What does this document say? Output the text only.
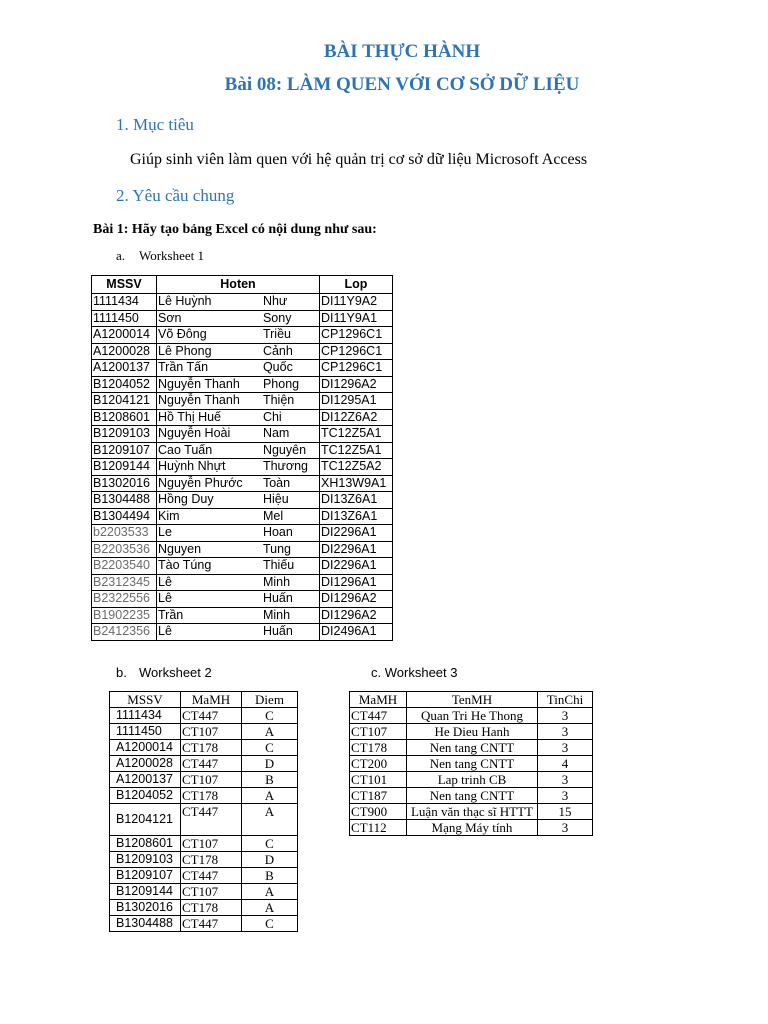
BÀI THỰC HÀNH
Bài 08: LÀM QUEN VỚI CƠ SỞ DỮ LIỆU

1. Mục tiêu

Giúp sinh viên làm quen với hệ quản trị cơ sở dữ liệu Microsoft Access

2. Yêu cầu chung

Bài 1: Hãy tạo bảng Excel có nội dung như sau:

a. Worksheet 1

MSSV	Hoten		Lop
1111434	Lê Huỳnh	Như	DI11Y9A2
1111450	Sơn	Sony	DI11Y9A1
A1200014	Võ Đông	Triều	CP1296C1
A1200028	Lê Phong	Cảnh	CP1296C1
A1200137	Trần Tấn	Quốc	CP1296C1
B1204052	Nguyễn Thanh	Phong	DI1296A2
B1204121	Nguyễn Thanh	Thiện	DI1295A1
B1208601	Hồ Thị Huế	Chi	DI12Z6A2
B1209103	Nguyễn Hoài	Nam	TC12Z5A1
B1209107	Cao Tuấn	Nguyên	TC12Z5A1
B1209144	Huỳnh Nhựt	Thương	TC12Z5A2
B1302016	Nguyễn Phước	Toàn	XH13W9A1
B1304488	Hồng Duy	Hiệu	DI13Z6A1
B1304494	Kim	Mel	DI13Z6A1
b2203533	Le	Hoan	DI2296A1
B2203536	Nguyen	Tung	DI2296A1
B2203540	Tào Túng	Thiếu	DI2296A1
B2312345	Lê	Minh	DI1296A1
B2322556	Lê	Huấn	DI1296A2
B1902235	Trần	Minh	DI1296A2
B2412356	Lê	Huấn	DI2496A1

b. Worksheet 2

MSSV	MaMH	Diem
1111434	CT447	C
1111450	CT107	A
A1200014	CT178	C
A1200028	CT447	D
A1200137	CT107	B
B1204052	CT178	A
B1204121	CT447	A
B1208601	CT107	C
B1209103	CT178	D
B1209107	CT447	B
B1209144	CT107	A
B1302016	CT178	A
B1304488	CT447	C

c. Worksheet 3

MaMH	TenMH	TinChi
CT447	Quan Tri He Thong	3
CT107	He Dieu Hanh	3
CT178	Nen tang CNTT	3
CT200	Nen tang CNTT	4
CT101	Lap trinh CB	3
CT187	Nen tang CNTT	3
CT900	Luận văn thạc sĩ HTTT	15
CT112	Mạng Máy tính	3
